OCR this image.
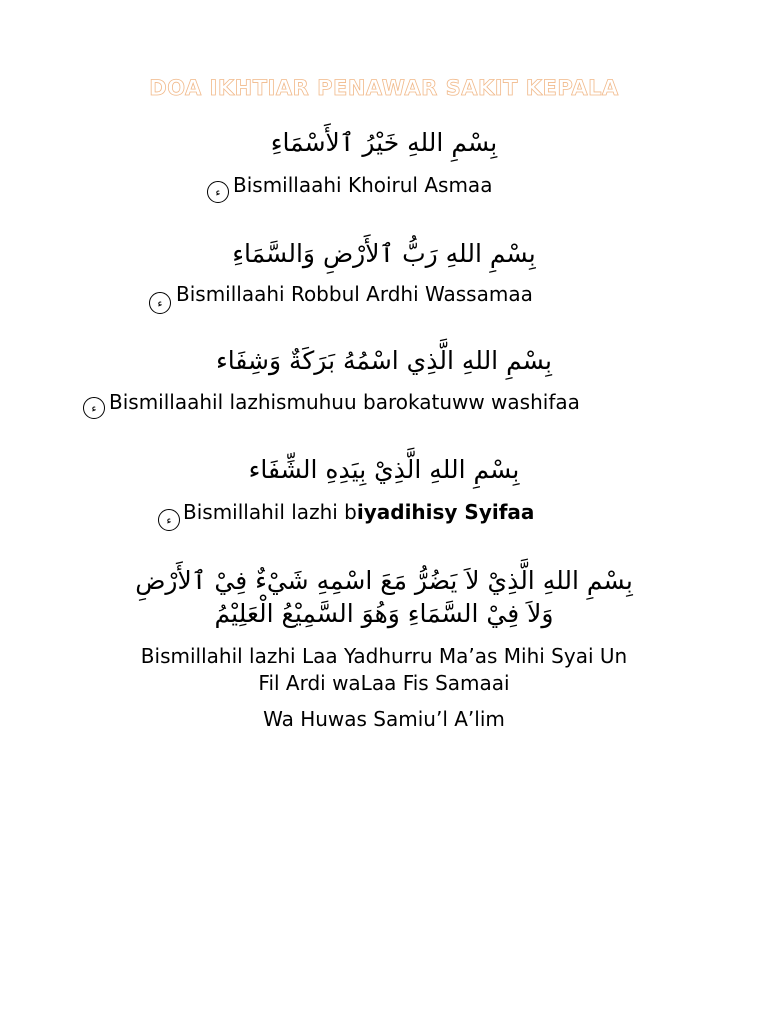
DOA IKHTIAR PENAWAR SAKIT KEPALA
بِسْمِ اللهِ خَيْرُ ٱلأَسْمَاءِ
ء Bismillaahi Khoirul Asmaa
بِسْمِ اللهِ رَبُّ ٱلأَرْضِ وَالسَّمَاءِ
ء Bismillaahi Robbul Ardhi Wassamaa
بِسْمِ اللهِ الَّذِي اسْمُهُ بَرَكَةٌ وَشِفَاء
ء Bismillaahil lazhismuhuu barokatuww washifaa
بِسْمِ اللهِ الَّذِيْ بِيَدِهِ الشِّفَاء
ء Bismillahil lazhi biyadihisy Syifaa
بِسْمِ اللهِ الَّذِيْ لاَ يَضُرُّ مَعَ اسْمِهِ شَيْءٌ فِيْ ٱلأَرْضِ
وَلاَ فِيْ السَّمَاءِ وَهُوَ السَّمِيْعُ الْعَلِيْمُ
Bismillahil lazhi Laa Yadhurru Ma’as Mihi Syai Un
Fil Ardi waLaa Fis Samaai
Wa Huwas Samiu’l A’lim
